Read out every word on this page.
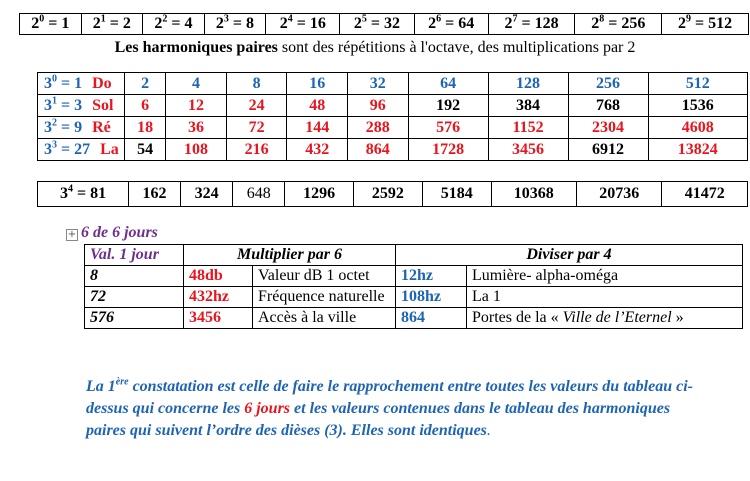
$2^0 = 1$	$2^1 = 2$	$2^2 = 4$	$2^3 = 8$	$2^4 = 16$	$2^5 = 32$	$2^6 = 64$	$2^7 = 128$	$2^8 = 256$	$2^9 = 512$
Les harmoniques paires sont des répétitions à l'octave, des multiplications par 2
$3^0 = 1$ Do	2	4	8	16	32	64	128	256	512
$3^1 = 3$ Sol	6	12	24	48	96	192	384	768	1536
$3^2 = 9$ Ré	18	36	72	144	288	576	1152	2304	4608
$3^3 = 27$ La	54	108	216	432	864	1728	3456	6912	13824
$3^4 = 81$	162	324	648	1296	2592	5184	10368	20736	41472
+ 6 de 6 jours
Val. 1 jour	Multiplier par 6		Diviser par 4	
8	48db	Valeur dB 1 octet	12hz	Lumière- alpha-oméga
72	432hz	Fréquence naturelle	108hz	La 1
576	3456	Accès à la ville	864	Portes de la « Ville de l’Eternel »
La 1ère constatation est celle de faire le rapprochement entre toutes les valeurs du tableau ci-dessus qui concerne les 6 jours et les valeurs contenues dans le tableau des harmoniques paires qui suivent l’ordre des dièses (3). Elles sont identiques.
